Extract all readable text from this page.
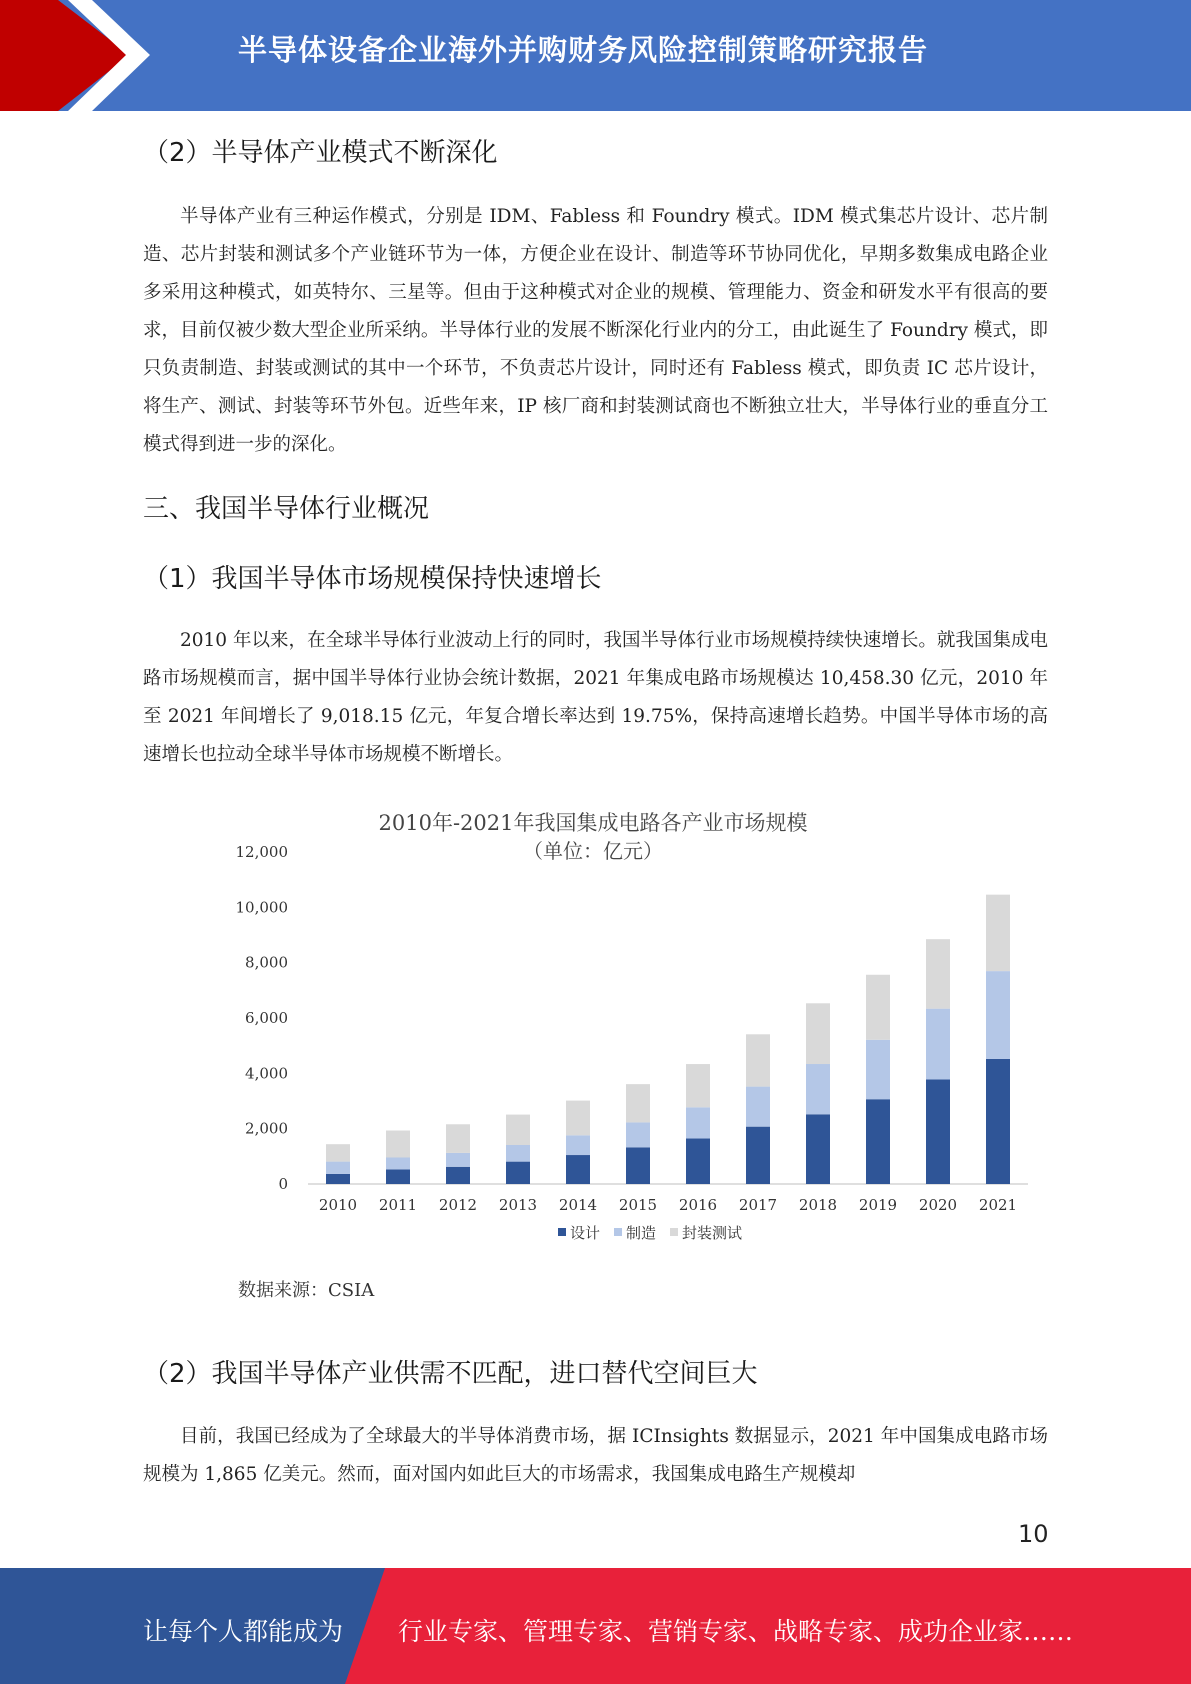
半导体设备企业海外并购财务风险控制策略研究报告
（2）半导体产业模式不断深化
半导体产业有三种运作模式，分别是 IDM、Fabless 和 Foundry 模式。IDM 模式集芯片设计、芯片制造、芯片封装和测试多个产业链环节为一体，方便企业在设计、制造等环节协同优化，早期多数集成电路企业多采用这种模式，如英特尔、三星等。但由于这种模式对企业的规模、管理能力、资金和研发水平有很高的要求，目前仅被少数大型企业所采纳。半导体行业的发展不断深化行业内的分工，由此诞生了 Foundry 模式，即只负责制造、封装或测试的其中一个环节，不负责芯片设计，同时还有 Fabless 模式，即负责 IC 芯片设计，将生产、测试、封装等环节外包。近些年来，IP 核厂商和封装测试商也不断独立壮大，半导体行业的垂直分工模式得到进一步的深化。
三、我国半导体行业概况
（1）我国半导体市场规模保持快速增长
2010 年以来，在全球半导体行业波动上行的同时，我国半导体行业市场规模持续快速增长。就我国集成电路市场规模而言，据中国半导体行业协会统计数据，2021 年集成电路市场规模达 10,458.30 亿元，2010 年至 2021 年间增长了 9,018.15 亿元，年复合增长率达到 19.75%，保持高速增长趋势。中国半导体市场的高速增长也拉动全球半导体市场规模不断增长。
2010年-2021年我国集成电路各产业市场规模
（单位：亿元）
0
2,000
4,000
6,000
8,000
10,000
12,000
2010 2011 2012 2013 2014 2015 2016 2017 2018 2019 2020 2021
设计 制造 封装测试
数据来源：CSIA
（2）我国半导体产业供需不匹配，进口替代空间巨大
目前，我国已经成为了全球最大的半导体消费市场，据 ICInsights 数据显示，2021 年中国集成电路市场规模为 1,865 亿美元。然而，面对国内如此巨大的市场需求，我国集成电路生产规模却
10
让每个人都能成为 行业专家、管理专家、营销专家、战略专家、成功企业家……
